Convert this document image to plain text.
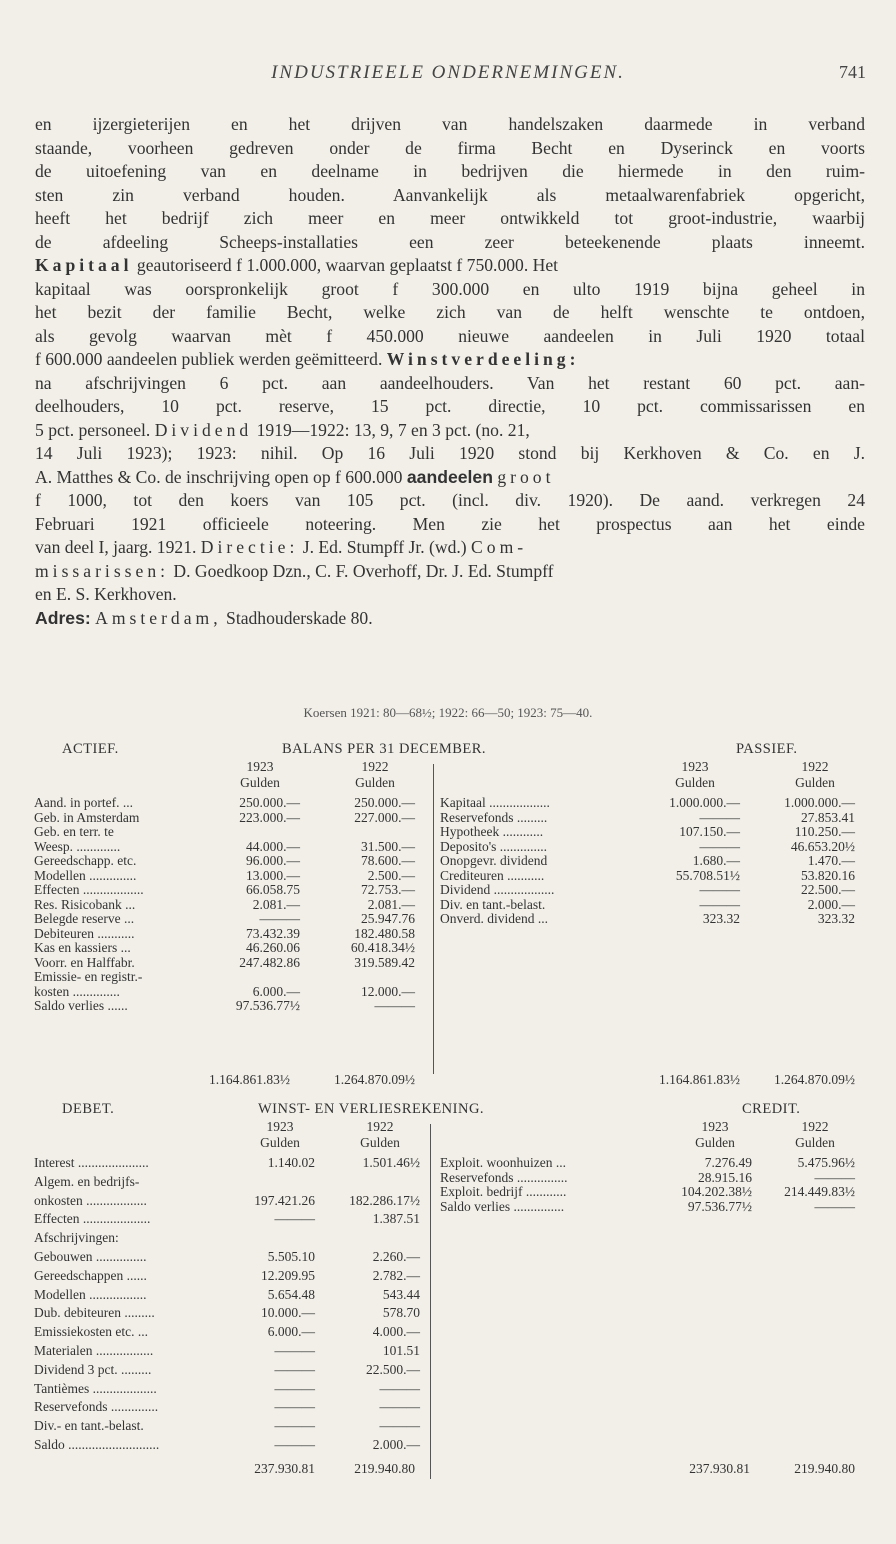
INDUSTRIEELE ONDERNEMINGEN.	741
en ijzergieterijen en het drijven van handelszaken daarmede in verband
staande, voorheen gedreven onder de firma Becht en Dyserinck en voorts
de uitoefening van en deelname in bedrijven die hiermede in den ruim-
sten zin verband houden. Aanvankelijk als metaalwarenfabriek opgericht,
heeft het bedrijf zich meer en meer ontwikkeld tot groot-industrie, waarbij
de afdeeling Scheeps-installaties een zeer beteekenende plaats inneemt.
Kapitaal geautoriseerd f 1.000.000, waarvan geplaatst f 750.000. Het
kapitaal was oorspronkelijk groot f 300.000 en ulto 1919 bijna geheel in
het bezit der familie Becht, welke zich van de helft wenschte te ontdoen,
als gevolg waarvan mèt f 450.000 nieuwe aandeelen in Juli 1920 totaal
f 600.000 aandeelen publiek werden geëmitteerd. Winstverdeeling:
na afschrijvingen 6 pct. aan aandeelhouders. Van het restant 60 pct. aan-
deelhouders, 10 pct. reserve, 15 pct. directie, 10 pct. commissarissen en
5 pct. personeel. Dividend 1919—1922: 13, 9, 7 en 3 pct. (no. 21,
14 Juli 1923); 1923: nihil. Op 16 Juli 1920 stond bij Kerkhoven & Co. en J.
A. Matthes & Co. de inschrijving open op f 600.000 aandeelen groot
f 1000, tot den koers van 105 pct. (incl. div. 1920). De aand. verkregen 24
Februari 1921 officieele noteering. Men zie het prospectus aan het einde
van deel I, jaarg. 1921. Directie: J. Ed. Stumpff Jr. (wd.) Com-
missarissen: D. Goedkoop Dzn., C. F. Overhoff, Dr. J. Ed. Stumpff
en E. S. Kerkhoven.
Adres: Amsterdam, Stadhouderskade 80.
Koersen 1921: 80—68½; 1922: 66—50; 1923: 75—40.
ACTIEF.	BALANS PER 31 DECEMBER.	PASSIEF.
1923	1922
Gulden	Gulden
1923	1922
Gulden	Gulden
Aand. in portef. ...	250.000.—	250.000.—
Geb. in Amsterdam	223.000.—	227.000.—
Geb. en terr. te
Weesp. .............	44.000.—	31.500.—
Gereedschapp. etc.	96.000.—	78.600.—
Modellen ..............	13.000.—	2.500.—
Effecten ..................	66.058.75	72.753.—
Res. Risicobank ...	2.081.—	2.081.—
Belegde reserve ...	———	25.947.76
Debiteuren ...........	73.432.39	182.480.58
Kas en kassiers ...	46.260.06	60.418.34½
Voorr. en Halffabr.	247.482.86	319.589.42
Emissie- en registr.-
kosten ..............	6.000.—	12.000.—
Saldo verlies ......	97.536.77½	———
Kapitaal ..................	1.000.000.—	1.000.000.—
Reservefonds .........	———	27.853.41
Hypotheek ............	107.150.—	110.250.—
Deposito's ..............	———	46.653.20½
Onopgevr. dividend	1.680.—	1.470.—
Crediteuren ...........	55.708.51½	53.820.16
Dividend ..................	———	22.500.—
Div. en tant.-belast.	———	2.000.—
Onverd. dividend ...	323.32	323.32
1.164.861.83½	1.264.870.09½	1.164.861.83½	1.264.870.09½
DEBET.	WINST- EN VERLIESREKENING.	CREDIT.
1923	1922
Gulden	Gulden
1923	1922
Gulden	Gulden
Interest .....................	1.140.02	1.501.46½
Algem. en bedrijfs-
onkosten ..................	197.421.26	182.286.17½
Effecten ....................	———	1.387.51
Afschrijvingen:
Gebouwen ...............	5.505.10	2.260.—
Gereedschappen ......	12.209.95	2.782.—
Modellen .................	5.654.48	543.44
Dub. debiteuren .........	10.000.—	578.70
Emissiekosten etc. ...	6.000.—	4.000.—
Materialen .................	———	101.51
Dividend 3 pct. .........	———	22.500.—
Tantièmes ...................	———	———
Reservefonds ..............	———	———
Div.- en tant.-belast.	———	———
Saldo ...........................	———	2.000.—
Exploit. woonhuizen ...	7.276.49	5.475.96½
Reservefonds ...............	28.915.16	———
Exploit. bedrijf ............	104.202.38½	214.449.83½
Saldo verlies ...............	97.536.77½	———
237.930.81	219.940.80	237.930.81	219.940.80
